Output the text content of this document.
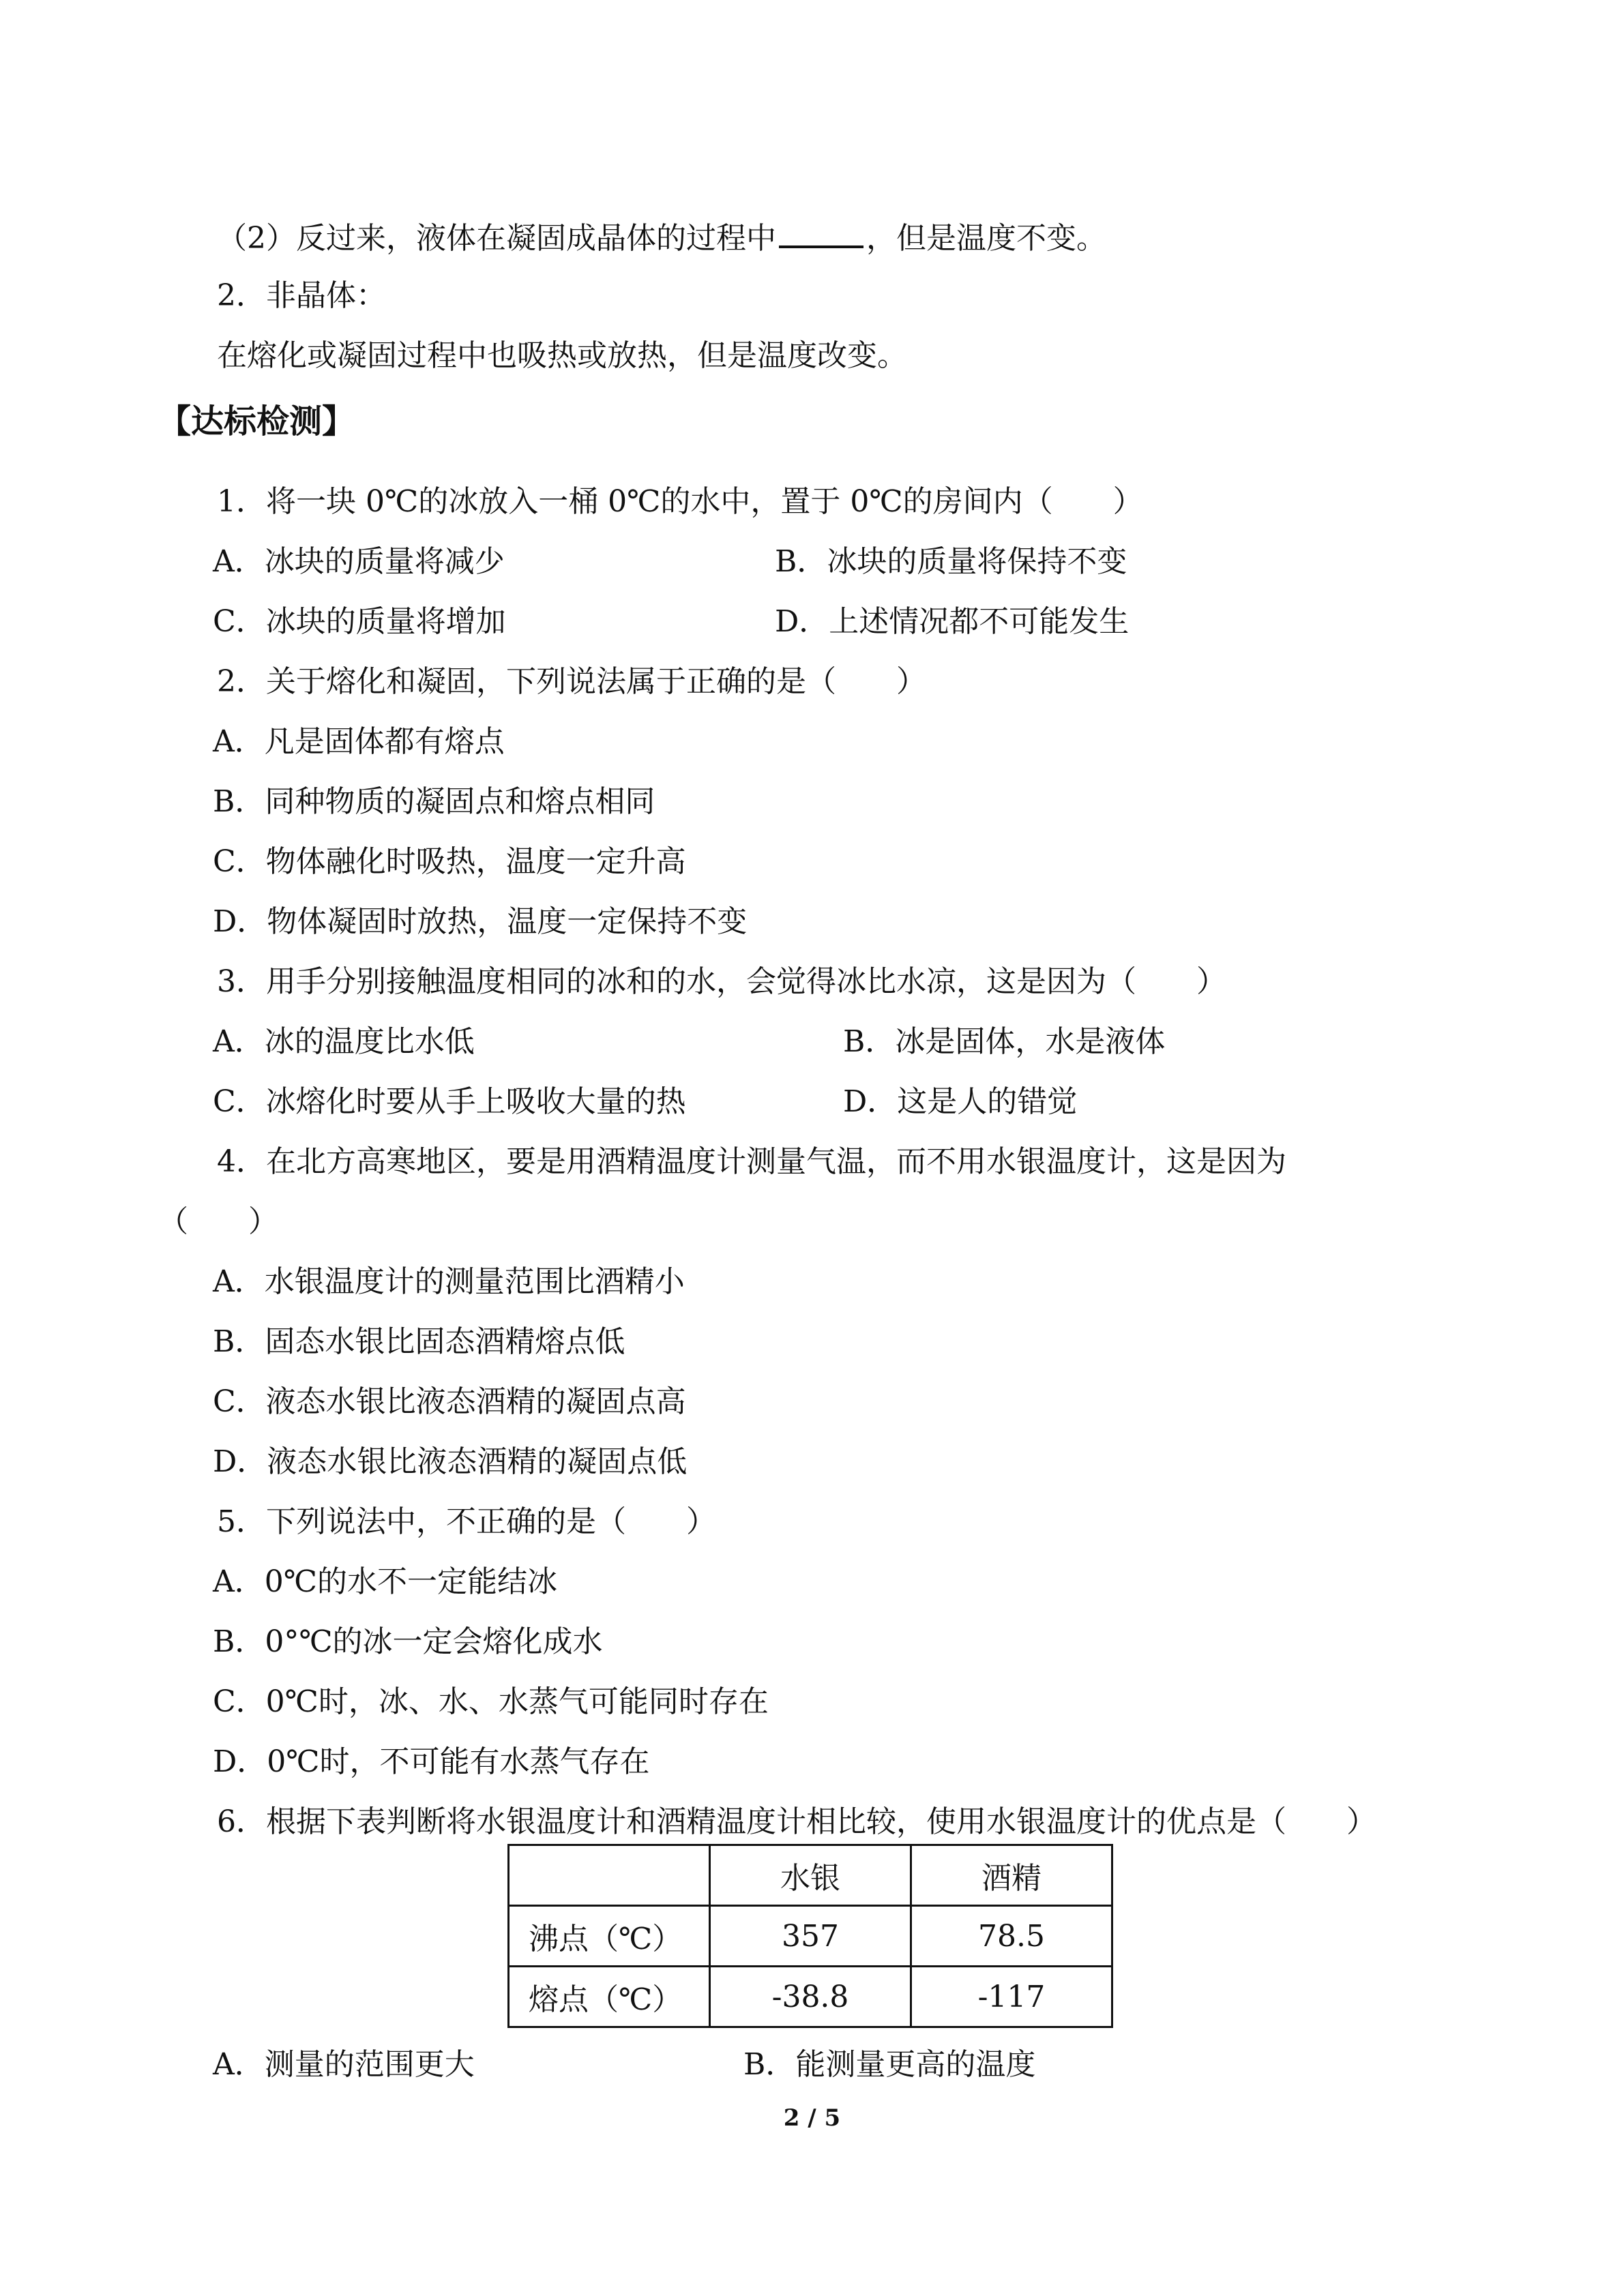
（2）反过来，液体在凝固成晶体的过程中	，但是温度不变。
2．非晶体：
在熔化或凝固过程中也吸热或放热，但是温度改变。
【达标检测】
1．将一块 0℃的冰放入一桶 0℃的水中，置于 0℃的房间内（　　）
A．冰块的质量将减少	B．冰块的质量将保持不变
C．冰块的质量将增加	D．上述情况都不可能发生
2．关于熔化和凝固，下列说法属于正确的是（　　）
A．凡是固体都有熔点
B．同种物质的凝固点和熔点相同
C．物体融化时吸热，温度一定升高
D．物体凝固时放热，温度一定保持不变
3．用手分别接触温度相同的冰和的水，会觉得冰比水凉，这是因为（　　）
A．冰的温度比水低	B．冰是固体，水是液体
C．冰熔化时要从手上吸收大量的热	D．这是人的错觉
4．在北方高寒地区，要是用酒精温度计测量气温，而不用水银温度计，这是因为
（　　）
A．水银温度计的测量范围比酒精小
B．固态水银比固态酒精熔点低
C．液态水银比液态酒精的凝固点高
D．液态水银比液态酒精的凝固点低
5．下列说法中，不正确的是（　　）
A．0℃的水不一定能结冰
B．0°℃的冰一定会熔化成水
C．0℃时，冰、水、水蒸气可能同时存在
D．0℃时，不可能有水蒸气存在
6．根据下表判断将水银温度计和酒精温度计相比较，使用水银温度计的优点是（　　）
	水银	酒精
沸点（℃）	357	78.5
熔点（℃）	-38.8	-117
A．测量的范围更大	B．能测量更高的温度
2 / 5
